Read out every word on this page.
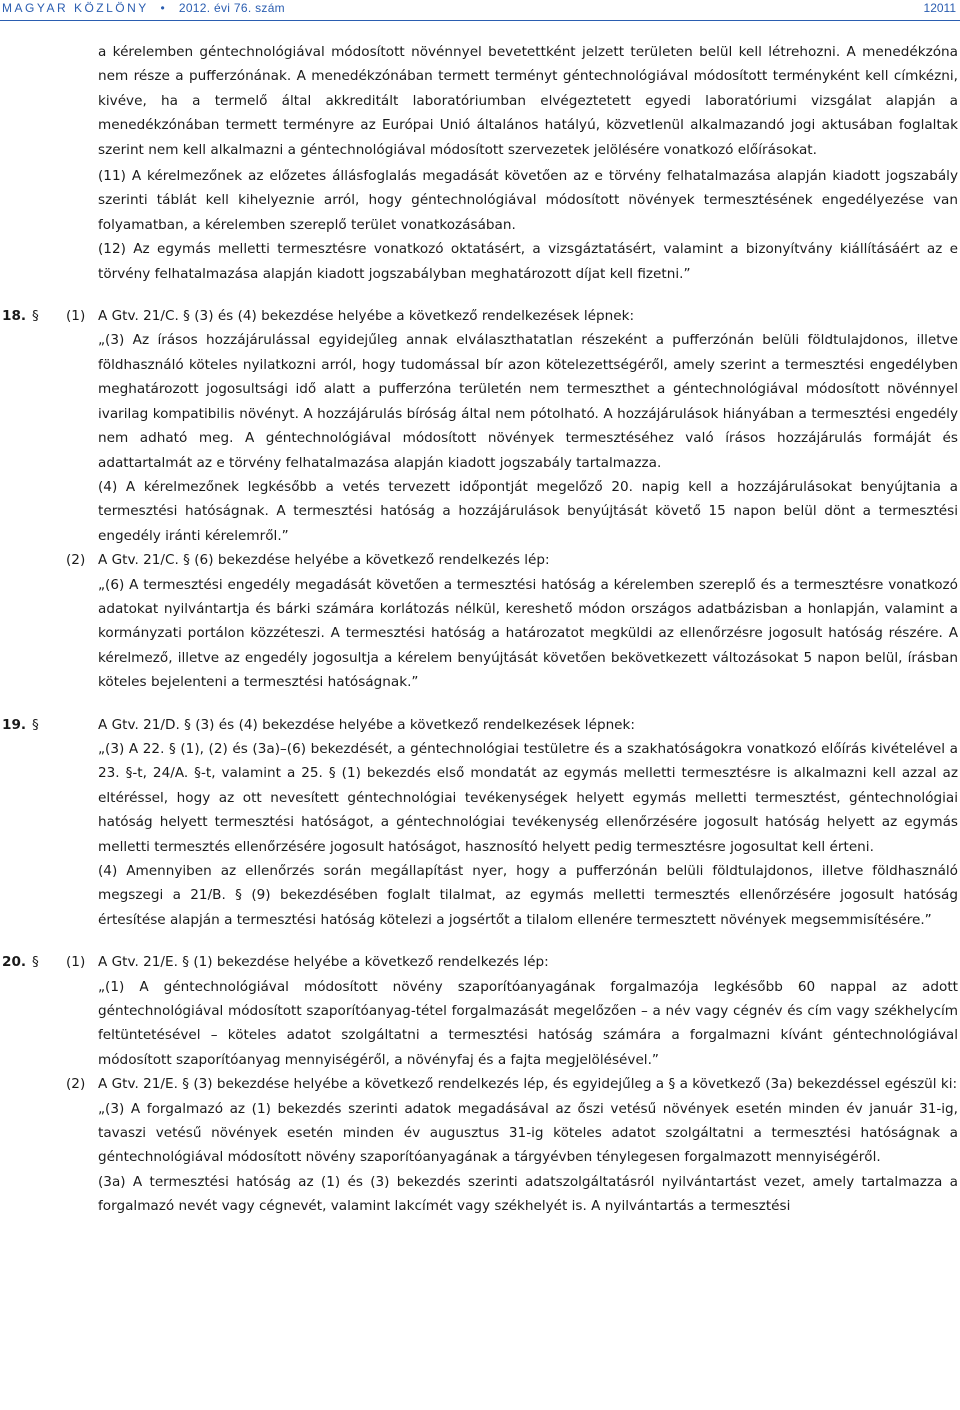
MAGYAR KÖZLÖNY  •  2012. évi 76. szám	12011

a kérelemben géntechnológiával módosított növénnyel bevetettként jelzett területen belül kell létrehozni. A menedékzóna nem része a pufferzónának. A menedékzónában termett terményt géntechnológiával módosított terményként kell címkézni, kivéve, ha a termelő által akkreditált laboratóriumban elvégeztetett egyedi laboratóriumi vizsgálat alapján a menedékzónában termett terményre az Európai Unió általános hatályú, közvetlenül alkalmazandó jogi aktusában foglaltak szerint nem kell alkalmazni a géntechnológiával módosított szervezetek jelölésére vonatkozó előírásokat.

(11) A kérelmezőnek az előzetes állásfoglalás megadását követően az e törvény felhatalmazása alapján kiadott jogszabály szerinti táblát kell kihelyeznie arról, hogy géntechnológiával módosított növények termesztésének engedélyezése van folyamatban, a kérelemben szereplő terület vonatkozásában.

(12) Az egymás melletti termesztésre vonatkozó oktatásért, a vizsgáztatásért, valamint a bizonyítvány kiállításáért az e törvény felhatalmazása alapján kiadott jogszabályban meghatározott díjat kell fizetni.”

18. § (1) A Gtv. 21/C. § (3) és (4) bekezdése helyébe a következő rendelkezések lépnek:

„(3) Az írásos hozzájárulással egyidejűleg annak elválaszthatatlan részeként a pufferzónán belüli földtulajdonos, illetve földhasználó köteles nyilatkozni arról, hogy tudomással bír azon kötelezettségéről, amely szerint a termesztési engedélyben meghatározott jogosultsági idő alatt a pufferzóna területén nem termeszthet a géntechnológiával módosított növénnyel ivarilag kompatibilis növényt. A hozzájárulás bíróság által nem pótolható. A hozzájárulások hiányában a termesztési engedély nem adható meg. A géntechnológiával módosított növények termesztéséhez való írásos hozzájárulás formáját és adattartalmát az e törvény felhatalmazása alapján kiadott jogszabály tartalmazza.

(4) A kérelmezőnek legkésőbb a vetés tervezett időpontját megelőző 20. napig kell a hozzájárulásokat benyújtania a termesztési hatóságnak. A termesztési hatóság a hozzájárulások benyújtását követő 15 napon belül dönt a termesztési engedély iránti kérelemről.”

(2) A Gtv. 21/C. § (6) bekezdése helyébe a következő rendelkezés lép:

„(6) A termesztési engedély megadását követően a termesztési hatóság a kérelemben szereplő és a termesztésre vonatkozó adatokat nyilvántartja és bárki számára korlátozás nélkül, kereshető módon országos adatbázisban a honlapján, valamint a kormányzati portálon közzéteszi. A termesztési hatóság a határozatot megküldi az ellenőrzésre jogosult hatóság részére. A kérelmező, illetve az engedély jogosultja a kérelem benyújtását követően bekövetkezett változásokat 5 napon belül, írásban köteles bejelenteni a termesztési hatóságnak.”

19. §	A Gtv. 21/D. § (3) és (4) bekezdése helyébe a következő rendelkezések lépnek:

„(3) A 22. § (1), (2) és (3a)–(6) bekezdését, a géntechnológiai testületre és a szakhatóságokra vonatkozó előírás kivételével a 23. §-t, 24/A. §-t, valamint a 25. § (1) bekezdés első mondatát az egymás melletti termesztésre is alkalmazni kell azzal az eltéréssel, hogy az ott nevesített géntechnológiai tevékenységek helyett egymás melletti termesztést, géntechnológiai hatóság helyett termesztési hatóságot, a géntechnológiai tevékenység ellenőrzésére jogosult hatóság helyett az egymás melletti termesztés ellenőrzésére jogosult hatóságot, hasznosító helyett pedig termesztésre jogosultat kell érteni.

(4) Amennyiben az ellenőrzés során megállapítást nyer, hogy a pufferzónán belüli földtulajdonos, illetve földhasználó megszegi a 21/B. § (9) bekezdésében foglalt tilalmat, az egymás melletti termesztés ellenőrzésére jogosult hatóság értesítése alapján a termesztési hatóság kötelezi a jogsértőt a tilalom ellenére termesztett növények megsemmisítésére.”

20. § (1) A Gtv. 21/E. § (1) bekezdése helyébe a következő rendelkezés lép:

„(1) A géntechnológiával módosított növény szaporítóanyagának forgalmazója legkésőbb 60 nappal az adott géntechnológiával módosított szaporítóanyag-tétel forgalmazását megelőzően – a név vagy cégnév és cím vagy székhelycím feltüntetésével – köteles adatot szolgáltatni a termesztési hatóság számára a forgalmazni kívánt géntechnológiával módosított szaporítóanyag mennyiségéről, a növényfaj és a fajta megjelölésével.”

(2) A Gtv. 21/E. § (3) bekezdése helyébe a következő rendelkezés lép, és egyidejűleg a § a következő (3a) bekezdéssel egészül ki:

„(3) A forgalmazó az (1) bekezdés szerinti adatok megadásával az őszi vetésű növények esetén minden év január 31-ig, tavaszi vetésű növények esetén minden év augusztus 31-ig köteles adatot szolgáltatni a termesztési hatóságnak a géntechnológiával módosított növény szaporítóanyagának a tárgyévben ténylegesen forgalmazott mennyiségéről.

(3a) A termesztési hatóság az (1) és (3) bekezdés szerinti adatszolgáltatásról nyilvántartást vezet, amely tartalmazza a forgalmazó nevét vagy cégnevét, valamint lakcímét vagy székhelyét is. A nyilvántartás a termesztési
